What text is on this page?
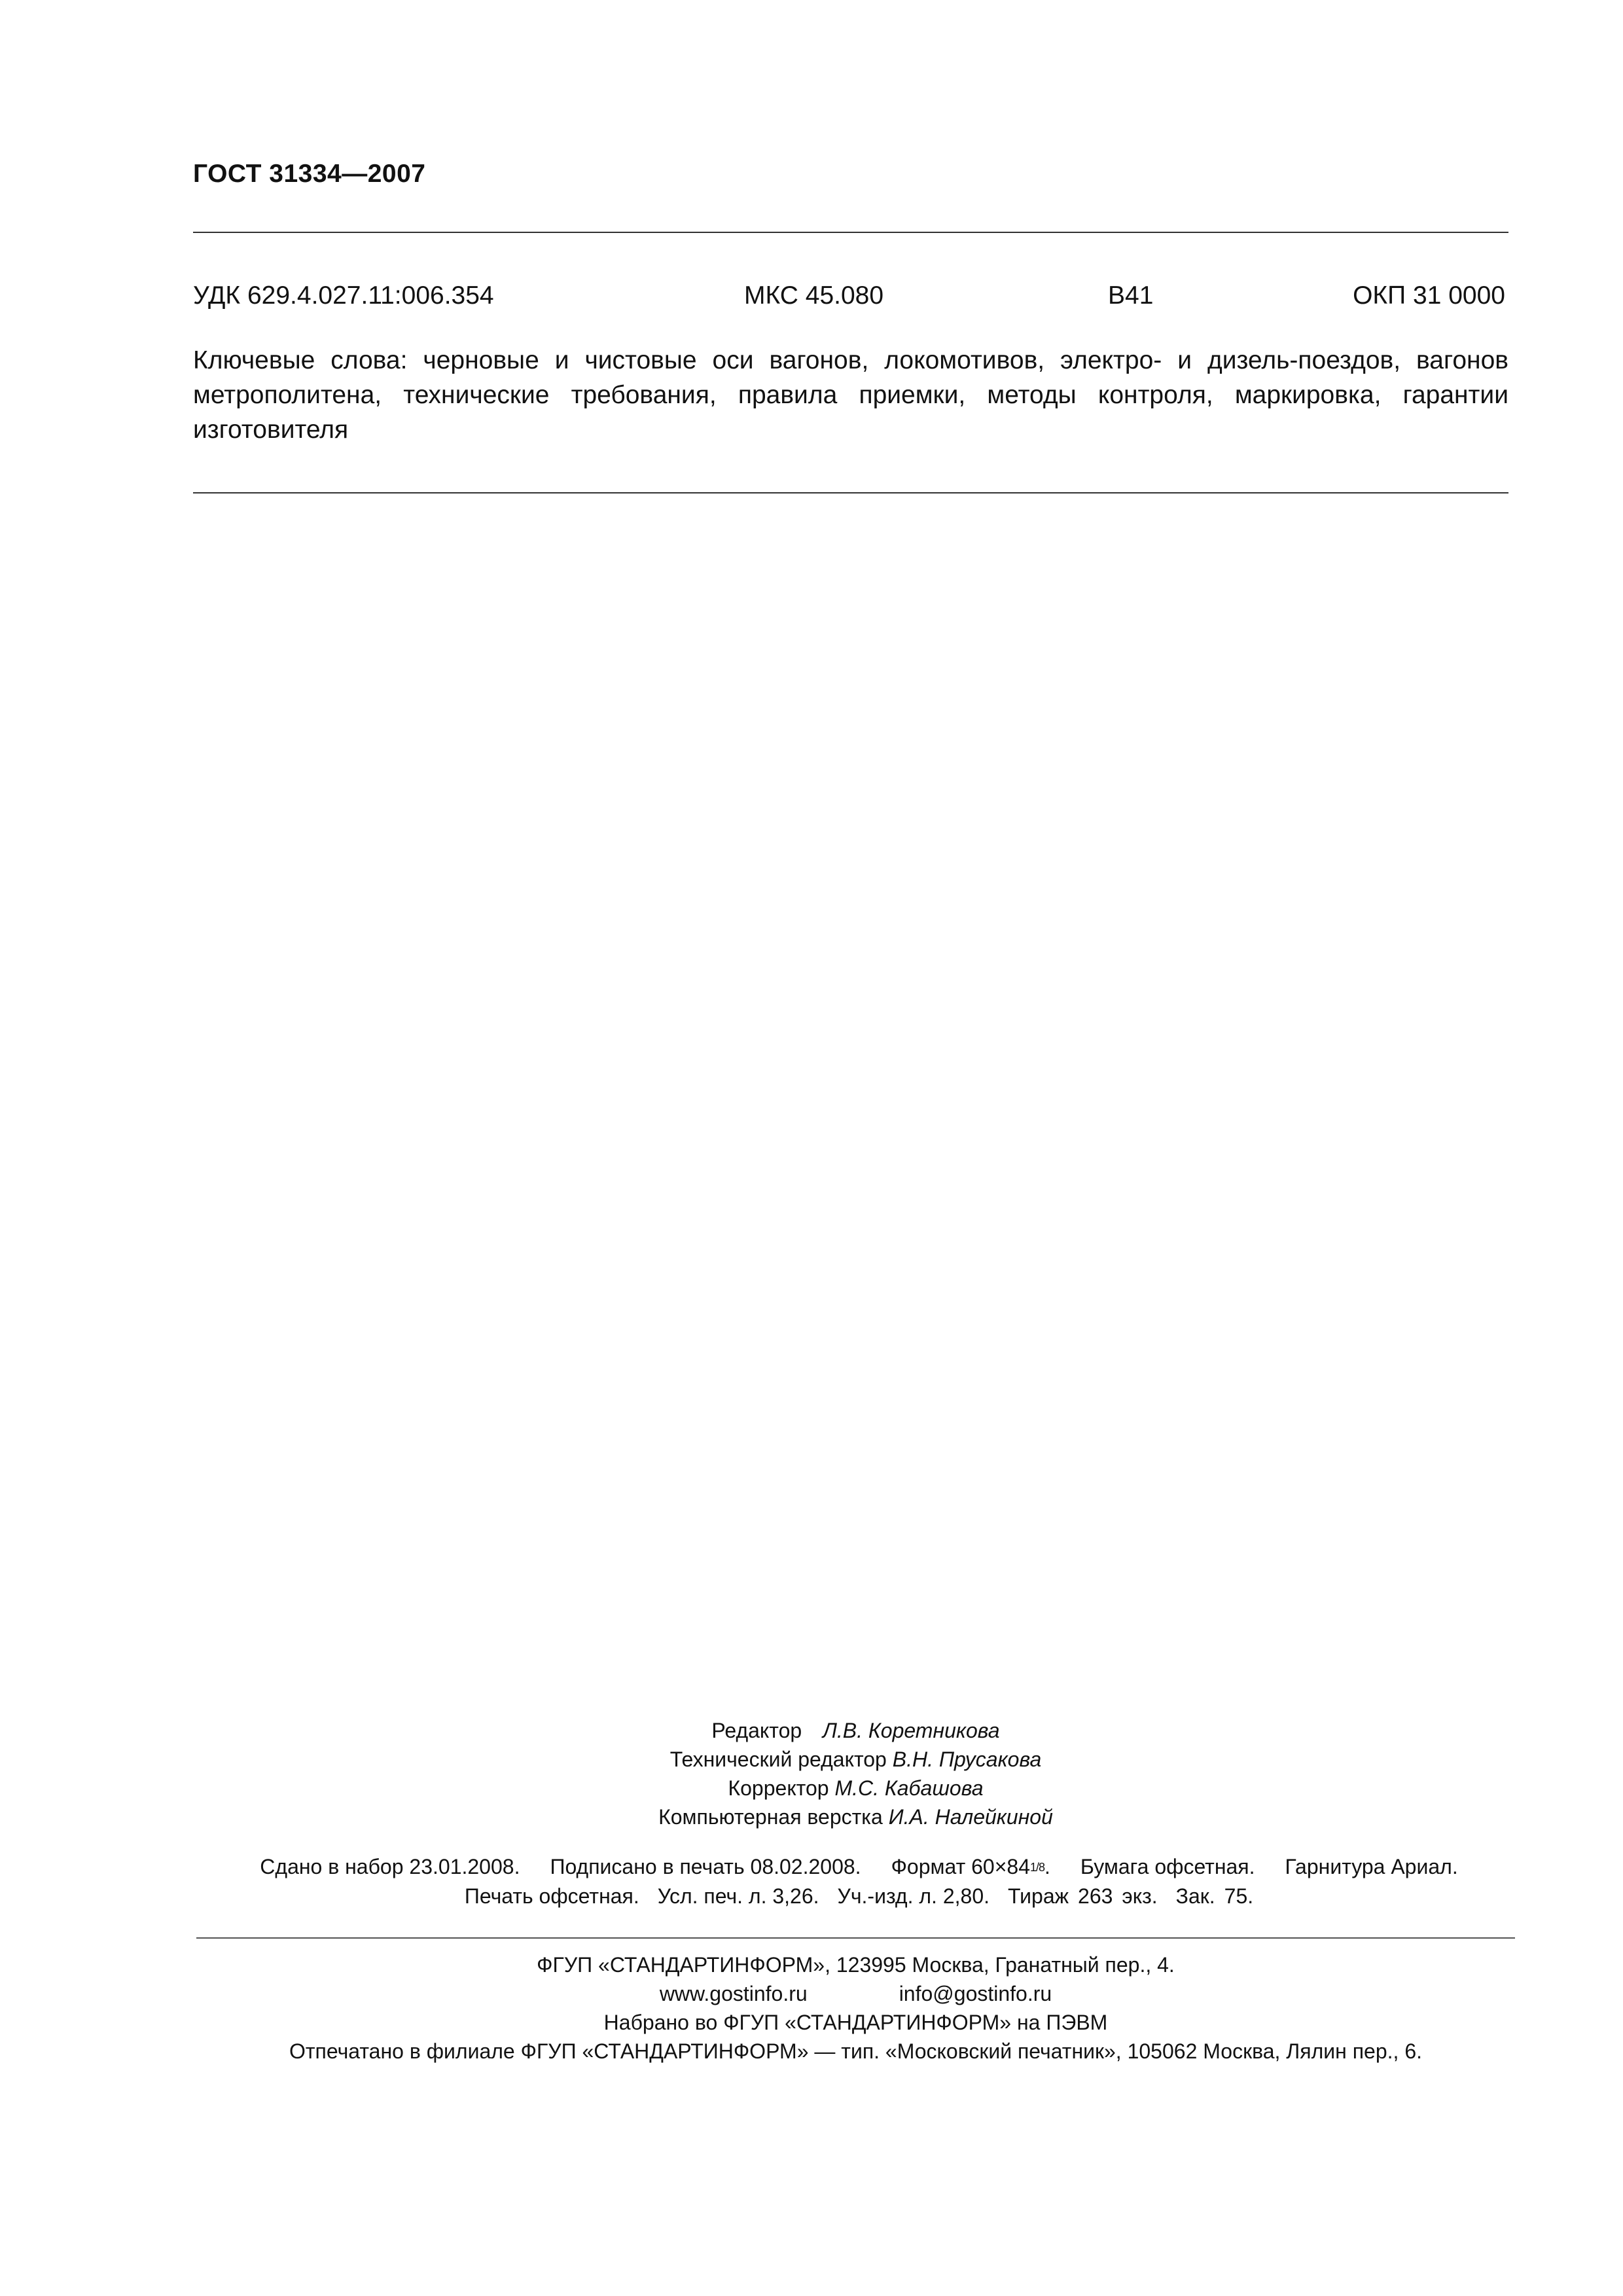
ГОСТ 31334—2007
УДК 629.4.027.11:006.354	МКС 45.080	В41	ОКП 31 0000
Ключевые слова: черновые и чистовые оси вагонов, локомотивов, электро- и дизель-поездов, вагонов метрополитена, технические требования, правила приемки, методы контроля, маркировка, гарантии изготовителя
Редактор Л.В. Коретникова
Технический редактор В.Н. Прусакова
Корректор М.С. Кабашова
Компьютерная верстка И.А. Налейкиной
Сдано в набор 23.01.2008. Подписано в печать 08.02.2008. Формат 60×841/8. Бумага офсетная. Гарнитура Ариал.
Печать офсетная. Усл. печ. л. 3,26. Уч.-изд. л. 2,80. Тираж 263 экз. Зак. 75.
ФГУП «СТАНДАРТИНФОРМ», 123995 Москва, Гранатный пер., 4.
www.gostinfo.ru	info@gostinfo.ru
Набрано во ФГУП «СТАНДАРТИНФОРМ» на ПЭВМ
Отпечатано в филиале ФГУП «СТАНДАРТИНФОРМ» — тип. «Московский печатник», 105062 Москва, Лялин пер., 6.
